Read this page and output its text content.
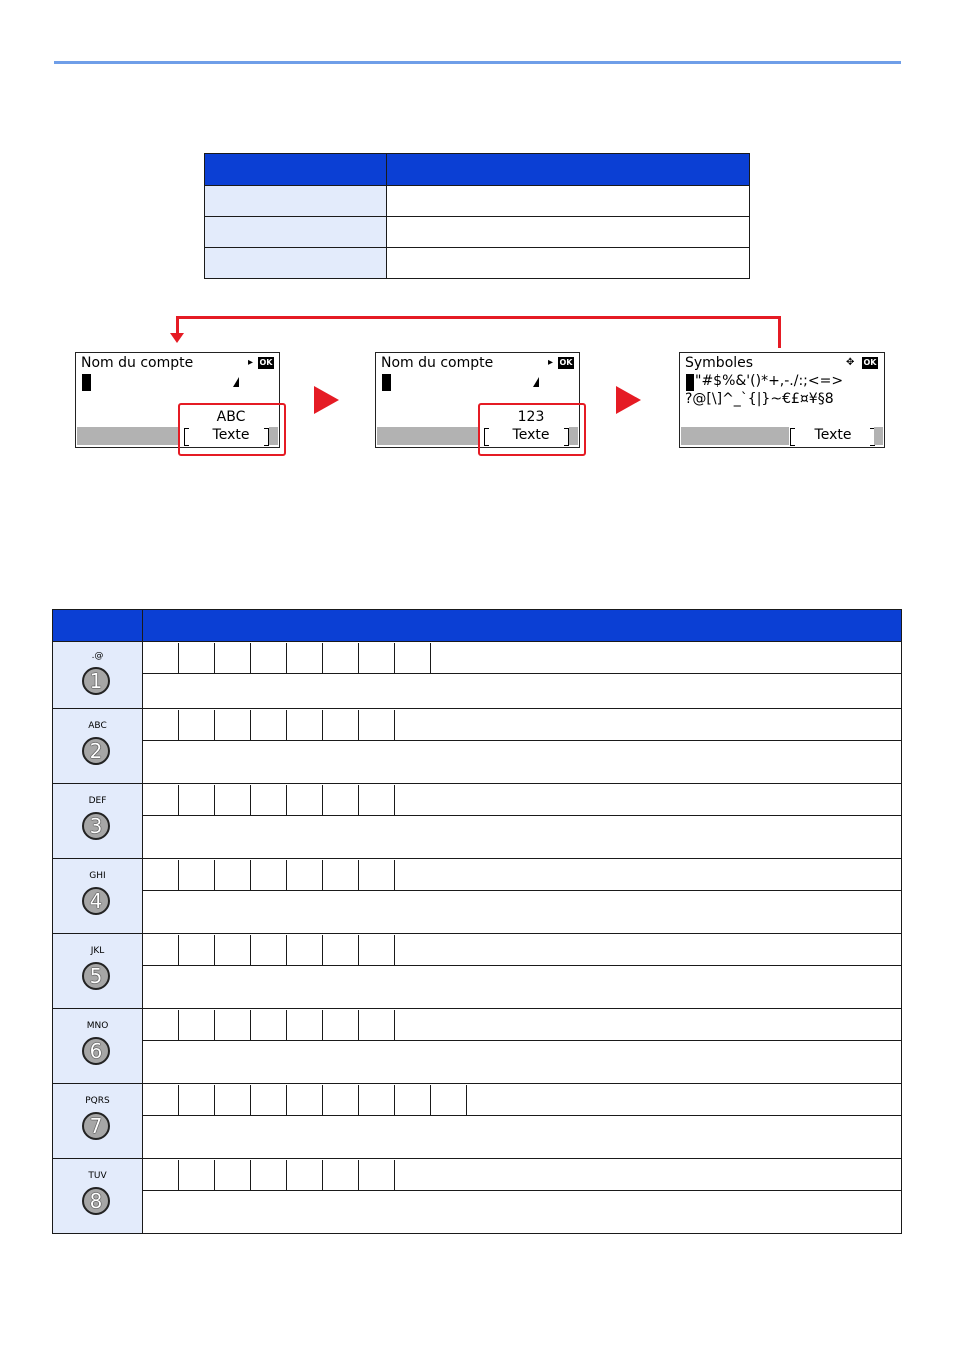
Nom du compte	OK
▸
ABC
Texte
Nom du compte	OK
▸
123
Texte
Symboles	✥	OK
"#$%&'()*+,-./:;<=>
?@[\]^_`{|}~€£¤¥§8
Texte

.@
1	

ABC
2	

DEF
3	

GHI
4	

JKL
5	

MNO
6	

PQRS
7	

TUV
8	
